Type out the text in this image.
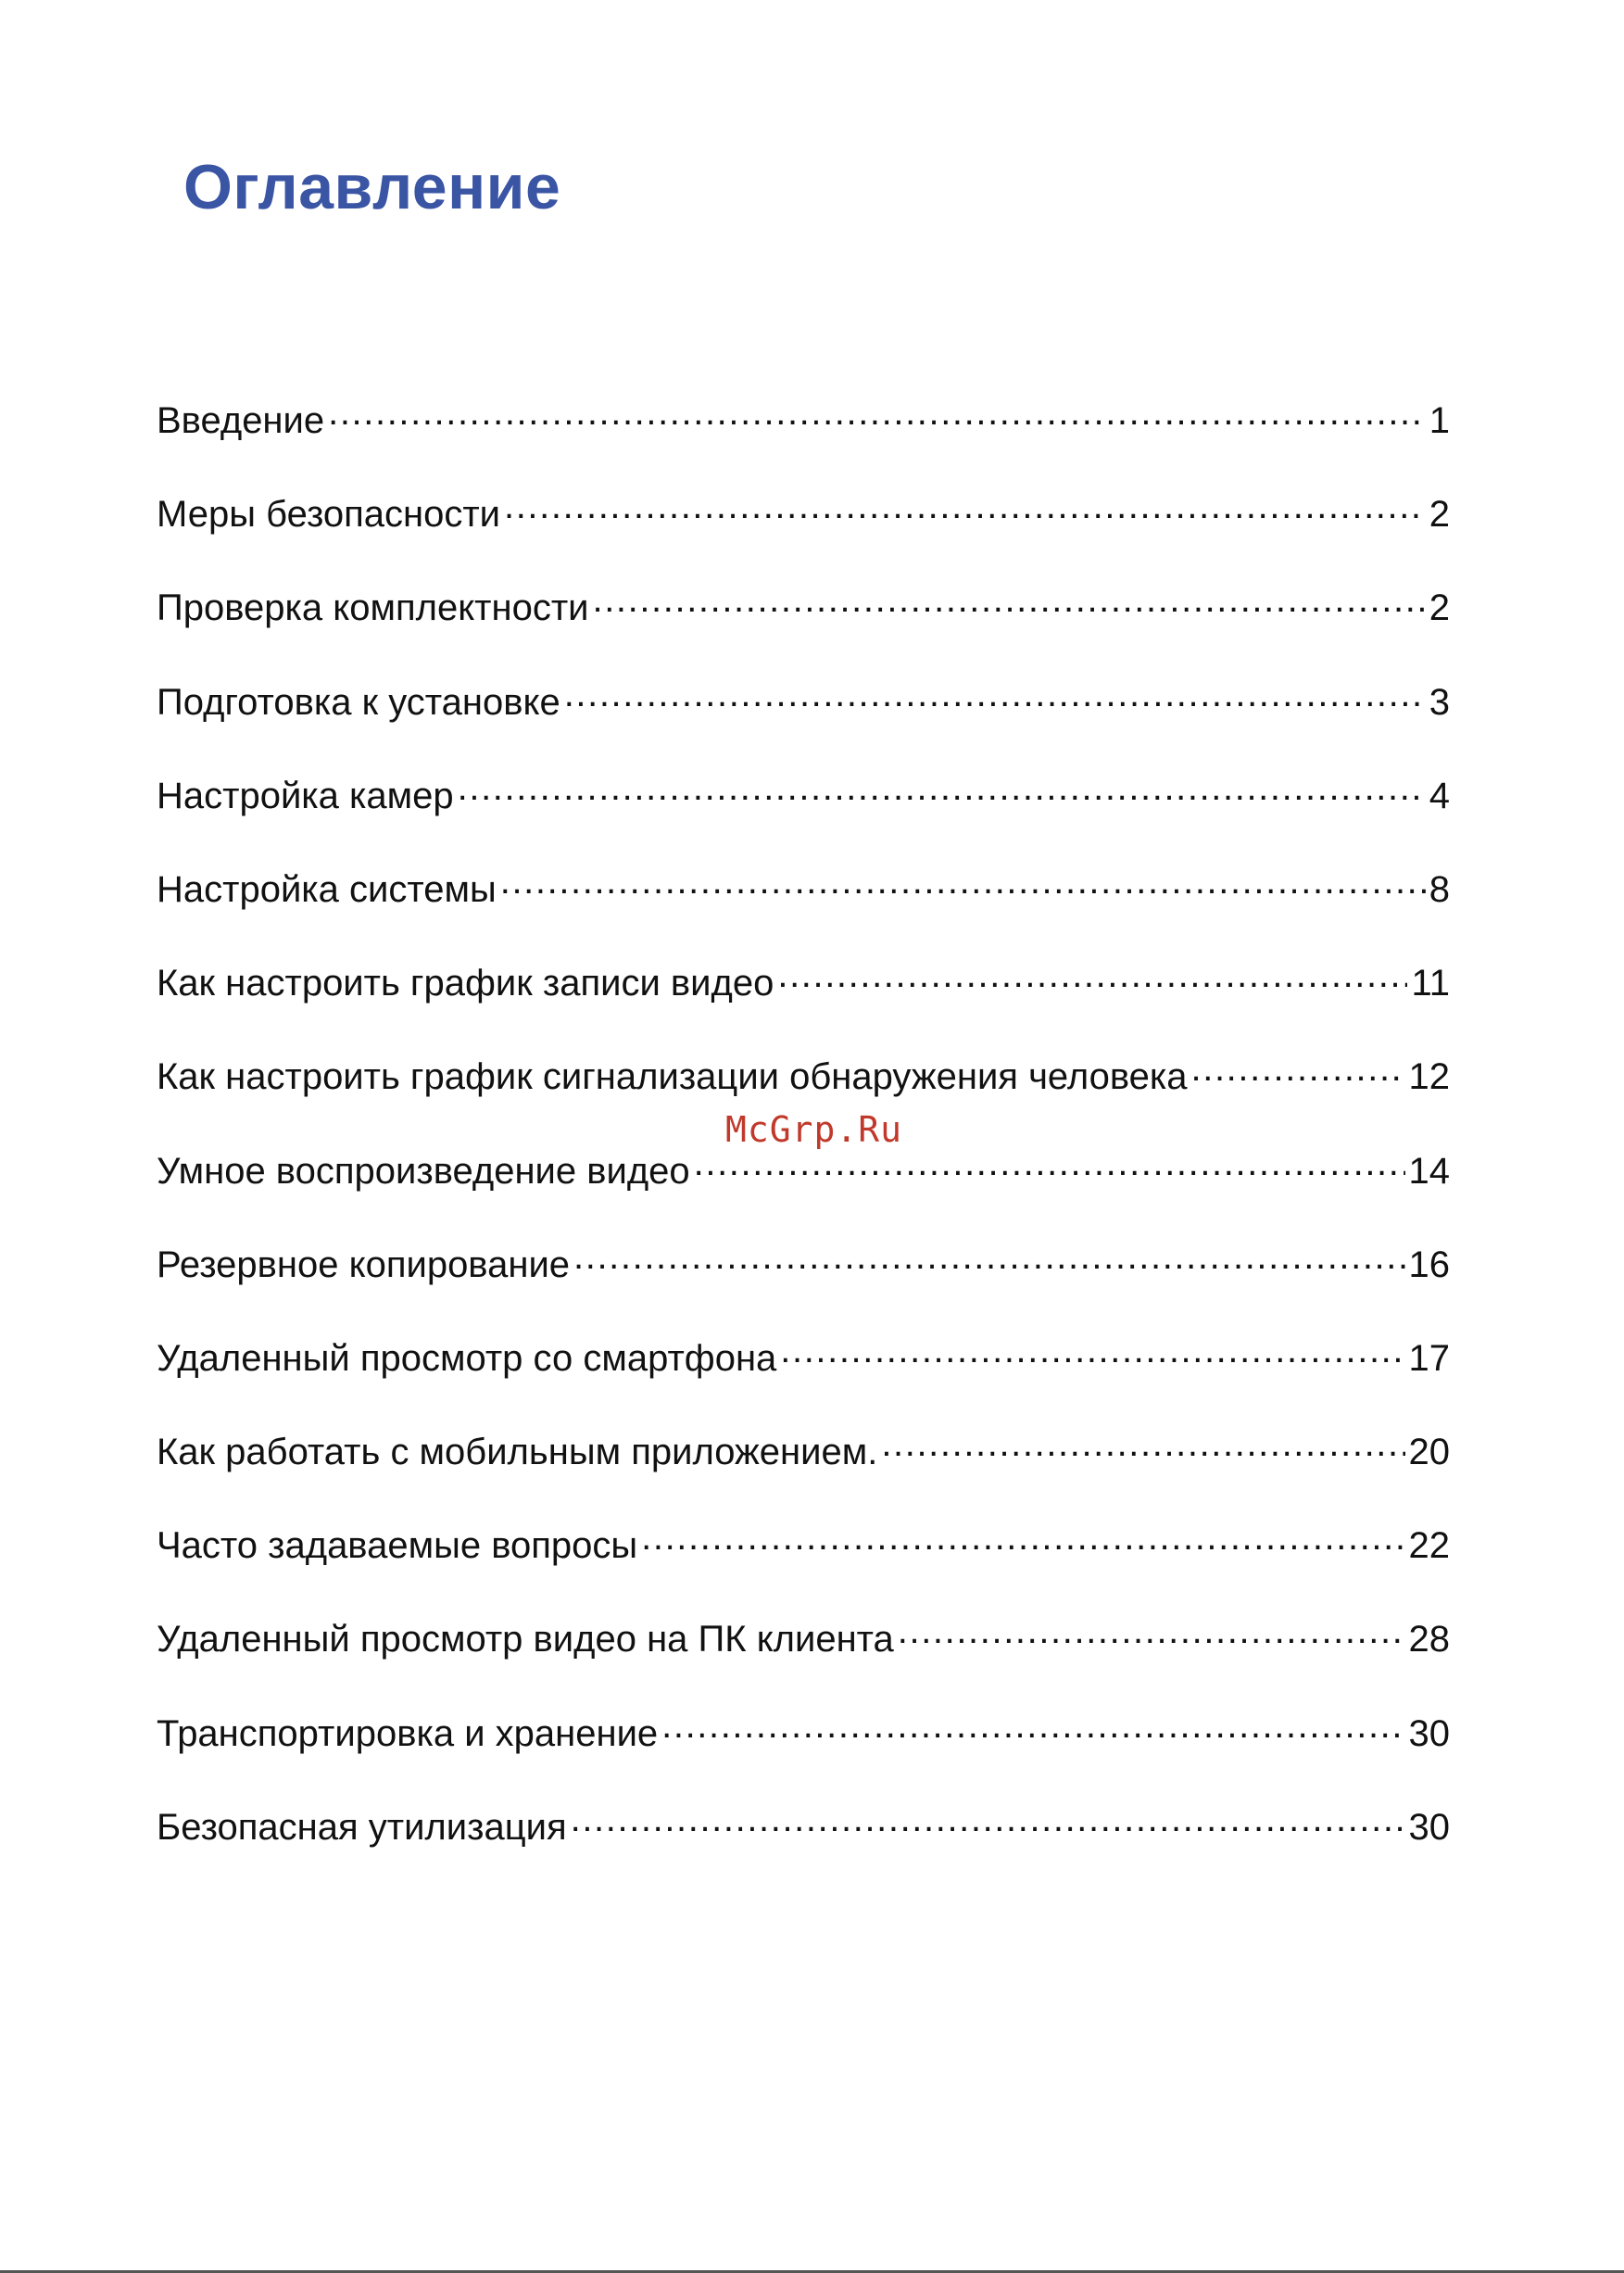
Оглавление
Введение .....	1
Меры безопасности .....	2
Проверка комплектности .....	2
Подготовка к установке .....	3
Настройка камер .....	4
Настройка системы .....	8
Как настроить график записи видео .....	11
Как настроить график сигнализации обнаружения человека .....	12
Умное воспроизведение видео .....	14
Резервное копирование .....	16
Удаленный просмотр со смартфона .....	17
Как работать с мобильным приложением. .....	20
Часто задаваемые вопросы .....	22
Удаленный просмотр видео на ПК клиента .....	28
Транспортировка и хранение .....	30
Безопасная утилизация .....	30

McGrp.Ru
